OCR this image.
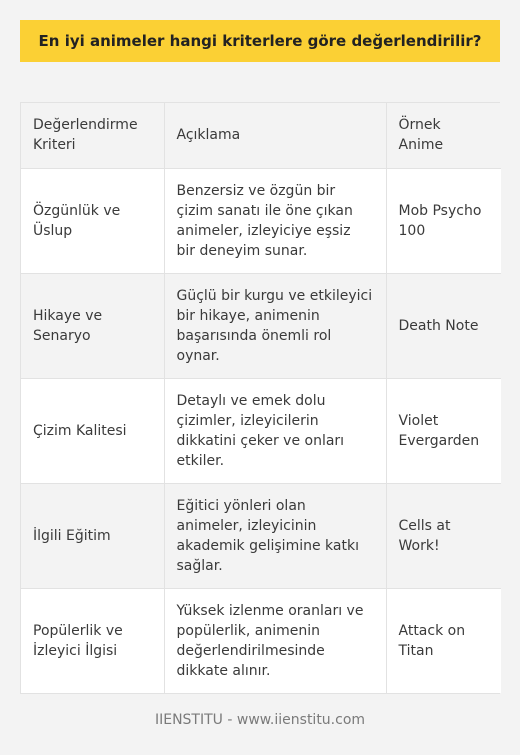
En iyi animeler hangi kriterlere göre değerlendirilir?
Değerlendirme Kriteri	Açıklama	Örnek Anime
Özgünlük ve Üslup	Benzersiz ve özgün bir çizim sanatı ile öne çıkan animeler, izleyiciye eşsiz bir deneyim sunar.	Mob Psycho 100
Hikaye ve Senaryo	Güçlü bir kurgu ve etkileyici bir hikaye, animenin başarısında önemli rol oynar.	Death Note
Çizim Kalitesi	Detaylı ve emek dolu çizimler, izleyicilerin dikkatini çeker ve onları etkiler.	Violet Evergarden
İlgili Eğitim	Eğitici yönleri olan animeler, izleyicinin akademik gelişimine katkı sağlar.	Cells at Work!
Popülerlik ve İzleyici İlgisi	Yüksek izlenme oranları ve popülerlik, animenin değerlendirilmesinde dikkate alınır.	Attack on Titan
IIENSTITU - www.iienstitu.com
